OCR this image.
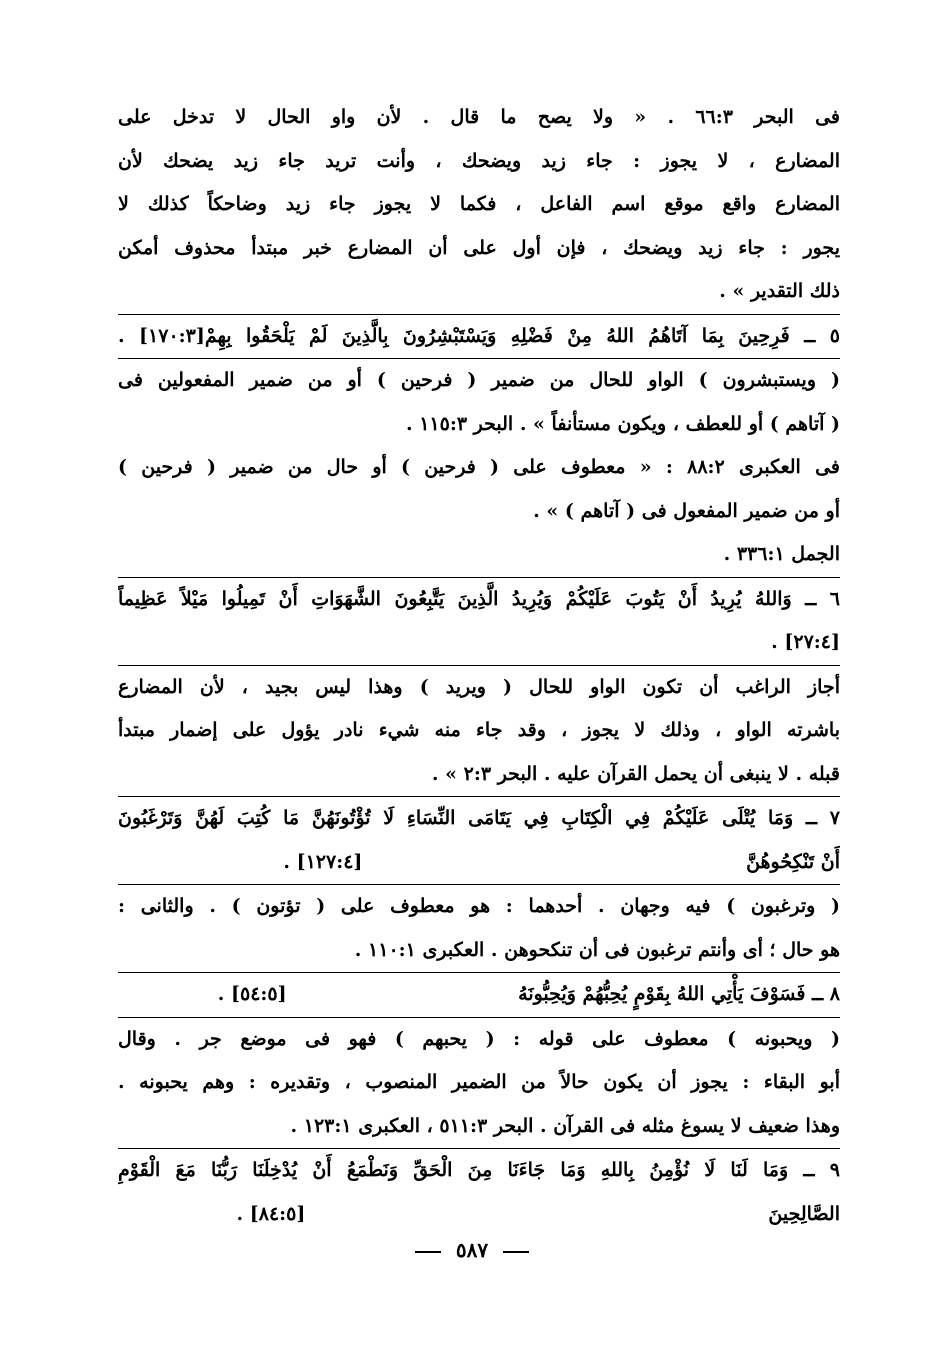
فى البحر ٦٦:٣ . « ولا يصح ما قال . لأن واو الحال لا تدخل على
المضارع ، لا يجوز : جاء زيد ويضحك ، وأنت تريد جاء زيد يضحك لأن
المضارع واقع موقع اسم الفاعل ، فكما لا يجوز جاء زيد وضاحكاً كذلك لا
يجور : جاء زيد ويضحك ، فإن أول على أن المضارع خبر مبتدأ محذوف أمكن
ذلك التقدير » .
٥ ــ فَرِحِينَ بِمَا آتَاهُمُ اللهُ مِنْ فَضْلِهِ وَيَسْتَبْشِرُونَ بِالَّذِينَ لَمْ يَلْحَقُوا بِهِمْ[١٧٠:٣] .
( ويستبشرون ) الواو للحال من ضمير ( فرحين ) أو من ضمير المفعولين فى
( آتاهم ) أو للعطف ، ويكون مستأنفاً » . البحر ١١٥:٣ .
فى العكبرى ٨٨:٢ : « معطوف على ( فرحين ) أو حال من ضمير ( فرحين )
أو من ضمير المفعول فى ( آتاهم ) » .
الجمل ٣٣٦:١ .
٦ ــ وَاللهُ يُرِيدُ أَنْ يَتُوبَ عَلَيْكُمْ وَيُرِيدُ الَّذِينَ يَتَّبِعُونَ الشَّهَوَاتِ أَنْ تَمِيلُوا مَيْلاً عَظِيماً
[٢٧:٤] .
أجاز الراغب أن تكون الواو للحال ( ويريد ) وهذا ليس بجيد ، لأن المضارع
باشرته الواو ، وذلك لا يجوز ، وقد جاء منه شيء نادر يؤول على إضمار مبتدأ
قبله . لا ينبغى أن يحمل القرآن عليه . البحر ٢:٣ » .
٧ ــ وَمَا يُتْلَى عَلَيْكُمْ فِي الْكِتَابِ فِي يَتَامَى النِّسَاءِ لَا تُؤْتُونَهُنَّ مَا كُتِبَ لَهُنَّ وَتَرْغَبُونَ
أَنْ تَنْكِحُوهُنَّ                                                          [١٢٧:٤] .
( وترغبون ) فيه وجهان . أحدهما : هو معطوف على ( تؤتون ) . والثانى :
هو حال ؛ أى وأنتم ترغبون فى أن تنكحوهن . العكبرى ١١٠:١ .
٨ ــ فَسَوْفَ يَأْتِي اللهُ بِقَوْمٍ يُحِبُّهُمْ وَيُحِبُّونَهُ                                   [٥٤:٥] .
( ويحبونه ) معطوف على قوله : ( يحبهم ) فهو فى موضع جر . وقال
أبو البقاء : يجوز أن يكون حالاً من الضمير المنصوب ، وتقديره : وهم يحبونه .
وهذا ضعيف لا يسوغ مثله فى القرآن . البحر ٥١١:٣ ، العكبرى ١٢٣:١ .
٩ ــ وَمَا لَنَا لَا نُؤْمِنُ بِاللهِ وَمَا جَاءَنَا مِنَ الْحَقِّ وَنَطْمَعُ أَنْ يُدْخِلَنَا رَبُّنَا مَعَ الْقَوْمِ
الصَّالِحِينَ                                                                      [٨٤:٥] .
٥٨٧
